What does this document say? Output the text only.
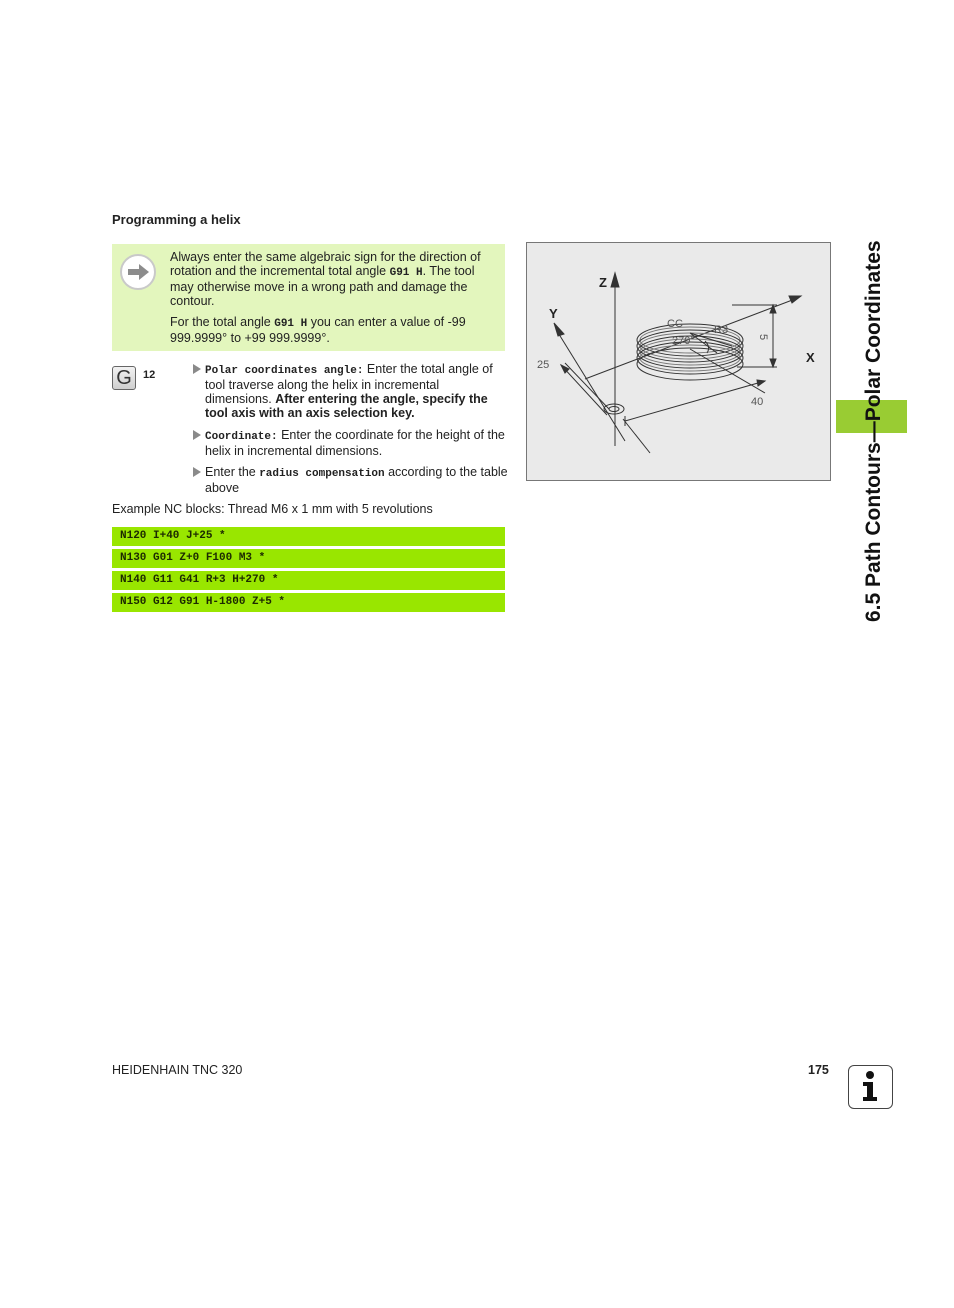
Programming a helix
Always enter the same algebraic sign for the direction of rotation and the incremental total angle G91 H. The tool may otherwise move in a wrong path and damage the contour.
For the total angle G91 H you can enter a value of -99 999.9999° to +99 999.9999°.
G	12	Polar coordinates angle: Enter the total angle of tool traverse along the helix in incremental dimensions. After entering the angle, specify the tool axis with an axis selection key.
Coordinate: Enter the coordinate for the height of the helix in incremental dimensions.
Enter the radius compensation according to the table above
Example NC blocks: Thread M6 x 1 mm with 5 revolutions
N120 I+40 J+25 *
N130 G01 Z+0 F100 M3 *
N140 G11 G41 R+3 H+270 *
N150 G12 G91 H-1800 Z+5 *
Z
Y
X
CC	R3
270°	5
25
40	6.5 Path Contours—Polar Coordinates
HEIDENHAIN TNC 320	175
